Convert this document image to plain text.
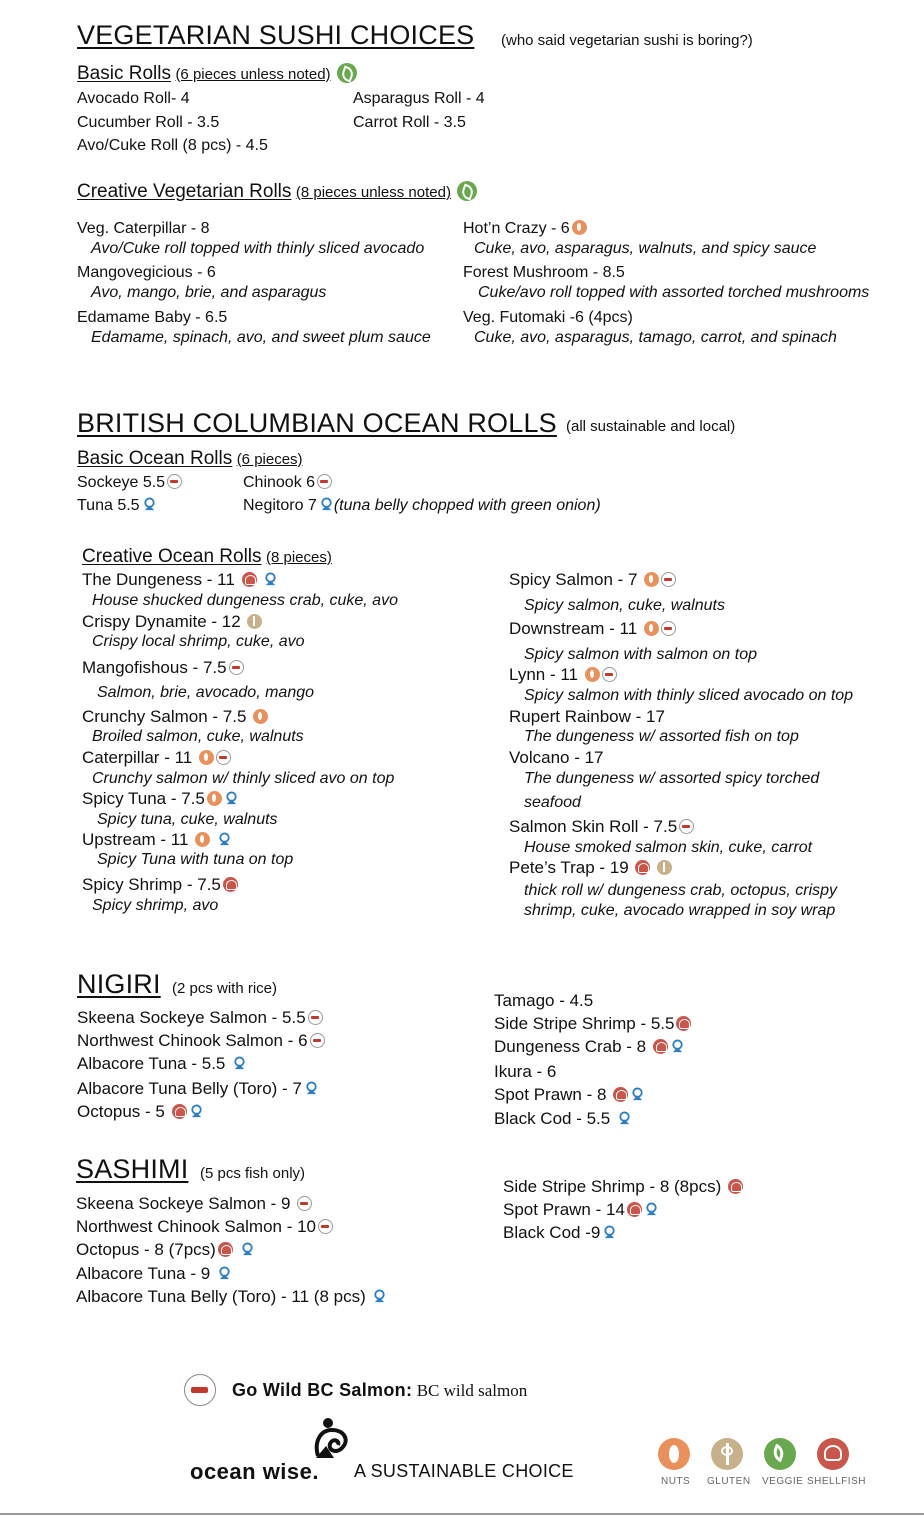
VEGETARIAN SUSHI CHOICES (who said vegetarian sushi is boring?)
Basic Rolls (6 pieces unless noted)
Avocado Roll- 4	Asparagus Roll - 4
Cucumber Roll - 3.5	Carrot Roll - 3.5
Avo/Cuke Roll (8 pcs) - 4.5
Creative Vegetarian Rolls (8 pieces unless noted)
Veg. Caterpillar - 8
Avo/Cuke roll topped with thinly sliced avocado
Mangovegicious - 6
Avo, mango, brie, and asparagus
Edamame Baby - 6.5
Edamame, spinach, avo, and sweet plum sauce
Hot’n Crazy - 6
Cuke, avo, asparagus, walnuts, and spicy sauce
Forest Mushroom - 8.5
Cuke/avo roll topped with assorted torched mushrooms
Veg. Futomaki -6 (4pcs)
Cuke, avo, asparagus, tamago, carrot, and spinach
BRITISH COLUMBIAN OCEAN ROLLS (all sustainable and local)
Basic Ocean Rolls (6 pieces)
Sockeye 5.5	Chinook 6
Tuna 5.5	Negitoro 7 (tuna belly chopped with green onion)
Creative Ocean Rolls (8 pieces)
The Dungeness - 11
House shucked dungeness crab, cuke, avo
Crispy Dynamite - 12
Crispy local shrimp, cuke, avo
Mangofishous - 7.5
Salmon, brie, avocado, mango
Crunchy Salmon - 7.5
Broiled salmon, cuke, walnuts
Caterpillar - 11
Crunchy salmon w/ thinly sliced avo on top
Spicy Tuna - 7.5
Spicy tuna, cuke, walnuts
Upstream - 11
Spicy Tuna with tuna on top
Spicy Shrimp - 7.5
Spicy shrimp, avo
Spicy Salmon - 7
Spicy salmon, cuke, walnuts
Downstream - 11
Spicy salmon with salmon on top
Lynn - 11
Spicy salmon with thinly sliced avocado on top
Rupert Rainbow - 17
The dungeness w/ assorted fish on top
Volcano - 17
The dungeness w/ assorted spicy torched
seafood
Salmon Skin Roll - 7.5
House smoked salmon skin, cuke, carrot
Pete’s Trap - 19
thick roll w/ dungeness crab, octopus, crispy
shrimp, cuke, avocado wrapped in soy wrap
NIGIRI (2 pcs with rice)
Skeena Sockeye Salmon - 5.5
Northwest Chinook Salmon - 6
Albacore Tuna - 5.5
Albacore Tuna Belly (Toro) - 7
Octopus - 5
Tamago - 4.5
Side Stripe Shrimp - 5.5
Dungeness Crab - 8
Ikura - 6
Spot Prawn - 8
Black Cod - 5.5
SASHIMI (5 pcs fish only)
Skeena Sockeye Salmon - 9
Northwest Chinook Salmon - 10
Octopus - 8 (7pcs)
Albacore Tuna - 9
Albacore Tuna Belly (Toro) - 11 (8 pcs)
Side Stripe Shrimp - 8 (8pcs)
Spot Prawn - 14
Black Cod -9
Go Wild BC Salmon: BC wild salmon
ocean wise. A SUSTAINABLE CHOICE
NUTS GLUTEN VEGGIE SHELLFISH
